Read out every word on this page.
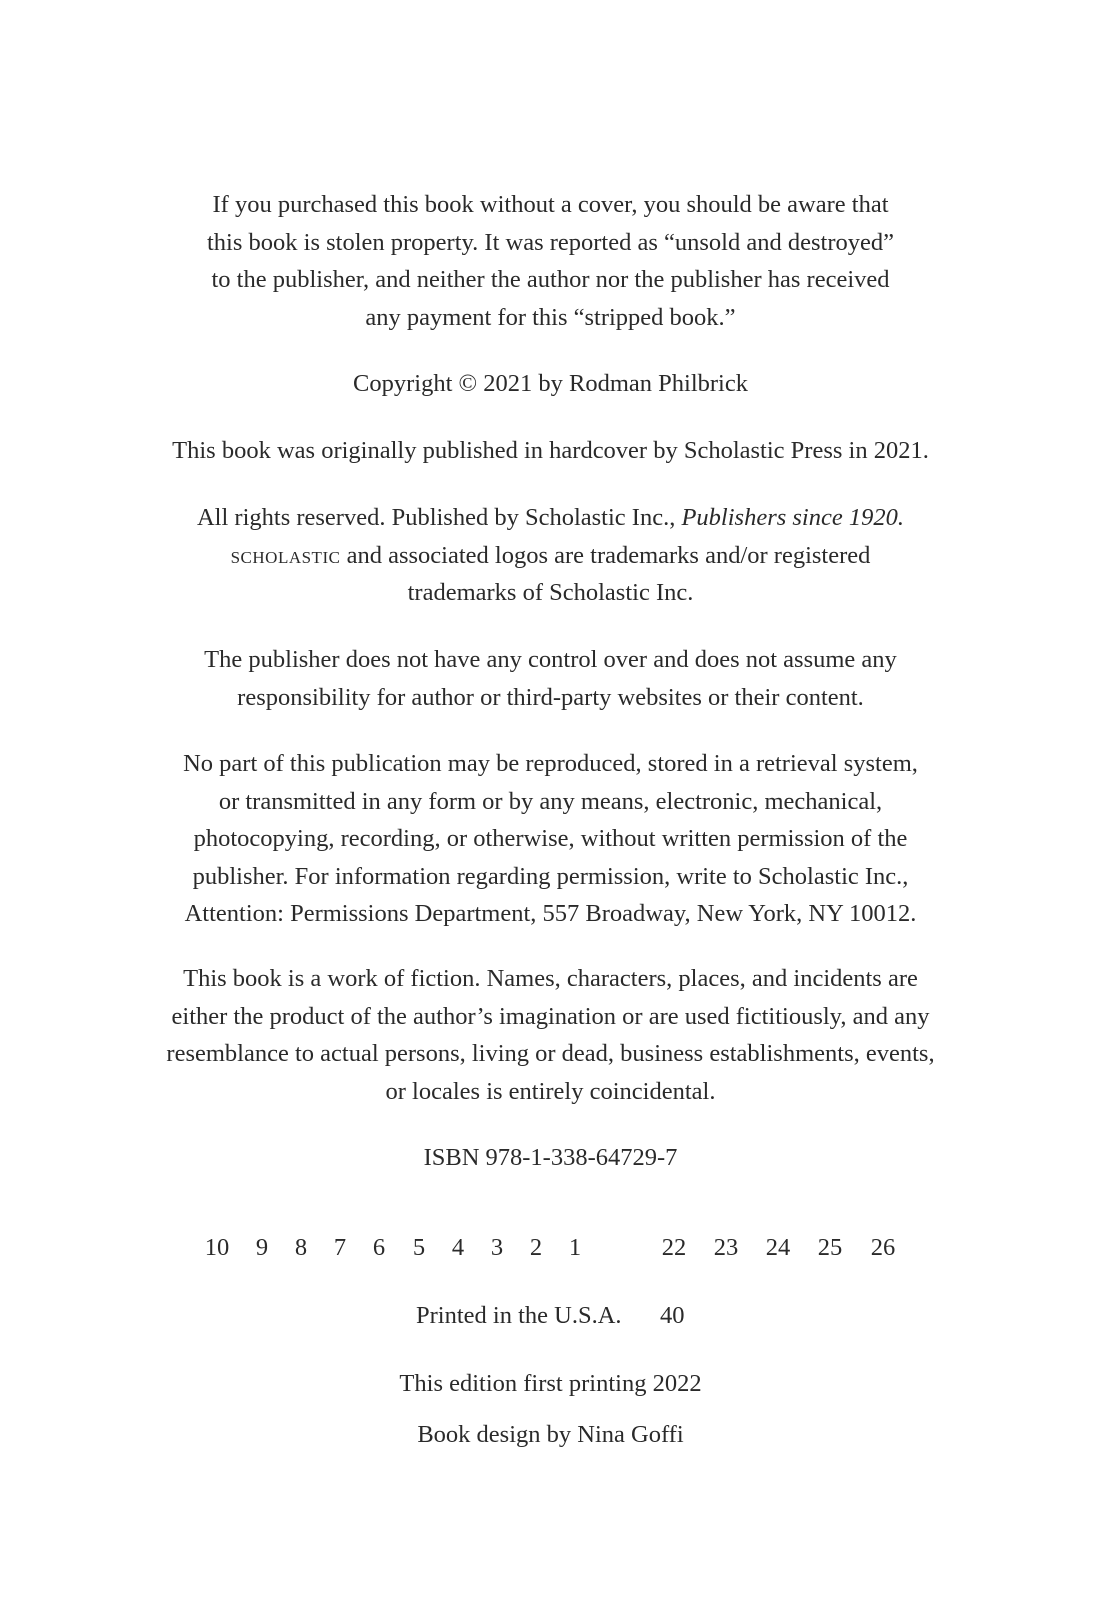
If you purchased this book without a cover, you should be aware that
this book is stolen property. It was reported as “unsold and destroyed”
to the publisher, and neither the author nor the publisher has received
any payment for this “stripped book.”

Copyright © 2021 by Rodman Philbrick

This book was originally published in hardcover by Scholastic Press in 2021.

All rights reserved. Published by Scholastic Inc., Publishers since 1920.
scholastic and associated logos are trademarks and/or registered
trademarks of Scholastic Inc.

The publisher does not have any control over and does not assume any
responsibility for author or third-party websites or their content.

No part of this publication may be reproduced, stored in a retrieval system,
or transmitted in any form or by any means, electronic, mechanical,
photocopying, recording, or otherwise, without written permission of the
publisher. For information regarding permission, write to Scholastic Inc.,
Attention: Permissions Department, 557 Broadway, New York, NY 10012.

This book is a work of fiction. Names, characters, places, and incidents are
either the product of the author’s imagination or are used fictitiously, and any
resemblance to actual persons, living or dead, business establishments, events,
or locales is entirely coincidental.

ISBN 978-1-338-64729-7

10 9 8 7 6 5 4 3 2 1	22 23 24 25 26
Printed in the U.S.A. 40

This edition first printing 2022

Book design by Nina Goffi
